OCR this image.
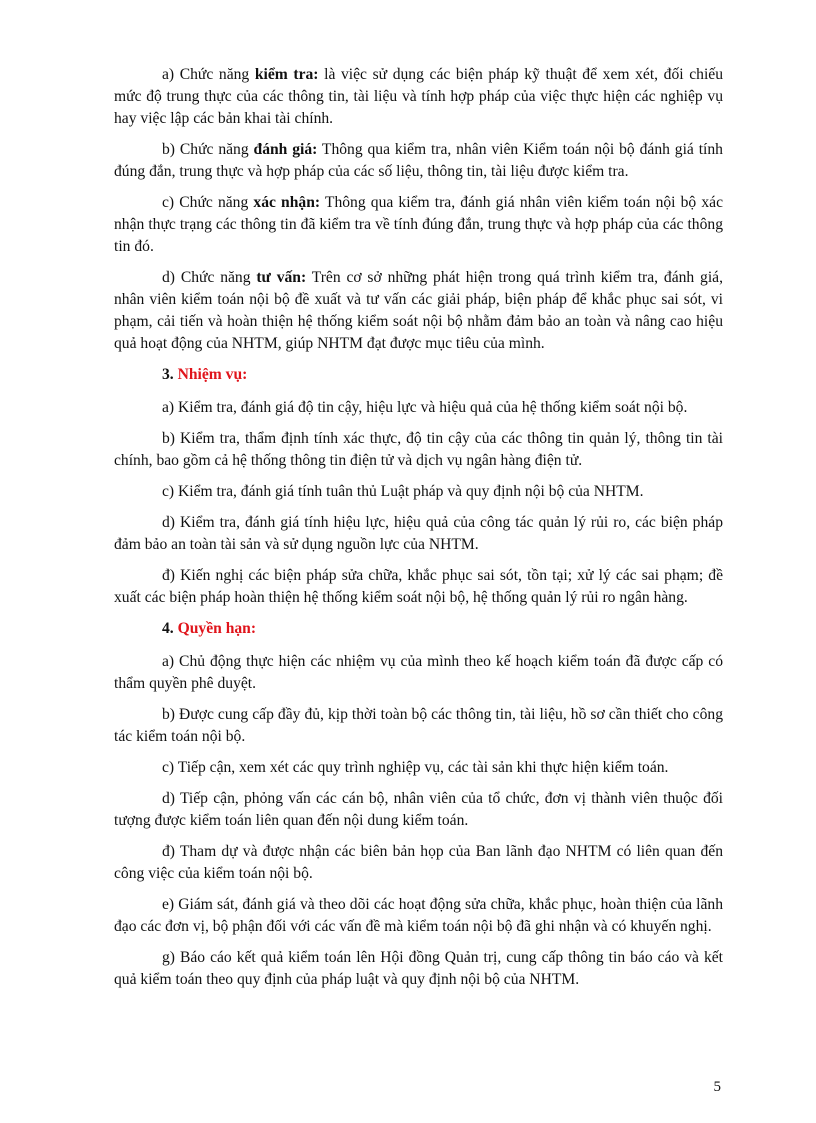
a) Chức năng kiểm tra: là việc sử dụng các biện pháp kỹ thuật để xem xét, đối chiếu mức độ trung thực của các thông tin, tài liệu và tính hợp pháp của việc thực hiện các nghiệp vụ hay việc lập các bản khai tài chính.

b) Chức năng đánh giá: Thông qua kiểm tra, nhân viên Kiểm toán nội bộ đánh giá tính đúng đắn, trung thực và hợp pháp của các số liệu, thông tin, tài liệu được kiểm tra.

c) Chức năng xác nhận: Thông qua kiểm tra, đánh giá nhân viên kiểm toán nội bộ xác nhận thực trạng các thông tin đã kiểm tra về tính đúng đắn, trung thực và hợp pháp của các thông tin đó.

d) Chức năng tư vấn: Trên cơ sở những phát hiện trong quá trình kiểm tra, đánh giá, nhân viên kiểm toán nội bộ đề xuất và tư vấn các giải pháp, biện pháp để khắc phục sai sót, vi phạm, cải tiến và hoàn thiện hệ thống kiểm soát nội bộ nhằm đảm bảo an toàn và nâng cao hiệu quả hoạt động của NHTM, giúp NHTM đạt được mục tiêu của mình.

3. Nhiệm vụ:

a) Kiểm tra, đánh giá độ tin cậy, hiệu lực và hiệu quả của hệ thống kiểm soát nội bộ.

b) Kiểm tra, thẩm định tính xác thực, độ tin cậy của các thông tin quản lý, thông tin tài chính, bao gồm cả hệ thống thông tin điện tử và dịch vụ ngân hàng điện tử.

c) Kiểm tra, đánh giá tính tuân thủ Luật pháp và quy định nội bộ của NHTM.

d) Kiểm tra, đánh giá tính hiệu lực, hiệu quả của công tác quản lý rủi ro, các biện pháp đảm bảo an toàn tài sản và sử dụng nguồn lực của NHTM.

đ) Kiến nghị các biện pháp sửa chữa, khắc phục sai sót, tồn tại; xử lý các sai phạm; đề xuất các biện pháp hoàn thiện hệ thống kiểm soát nội bộ, hệ thống quản lý rủi ro ngân hàng.

4. Quyền hạn:

a) Chủ động thực hiện các nhiệm vụ của mình theo kế hoạch kiểm toán đã được cấp có thẩm quyền phê duyệt.

b) Được cung cấp đầy đủ, kịp thời toàn bộ các thông tin, tài liệu, hồ sơ cần thiết cho công tác kiểm toán nội bộ.

c) Tiếp cận, xem xét các quy trình nghiệp vụ, các tài sản khi thực hiện kiểm toán.

d) Tiếp cận, phỏng vấn các cán bộ, nhân viên của tổ chức, đơn vị thành viên thuộc đối tượng được kiểm toán liên quan đến nội dung kiểm toán.

đ) Tham dự và được nhận các biên bản họp của Ban lãnh đạo NHTM có liên quan đến công việc của kiểm toán nội bộ.

e) Giám sát, đánh giá và theo dõi các hoạt động sửa chữa, khắc phục, hoàn thiện của lãnh đạo các đơn vị, bộ phận đối với các vấn đề mà kiểm toán nội bộ đã ghi nhận và có khuyến nghị.

g) Báo cáo kết quả kiểm toán lên Hội đồng Quản trị, cung cấp thông tin báo cáo và kết quả kiểm toán theo quy định của pháp luật và quy định nội bộ của NHTM.

5
